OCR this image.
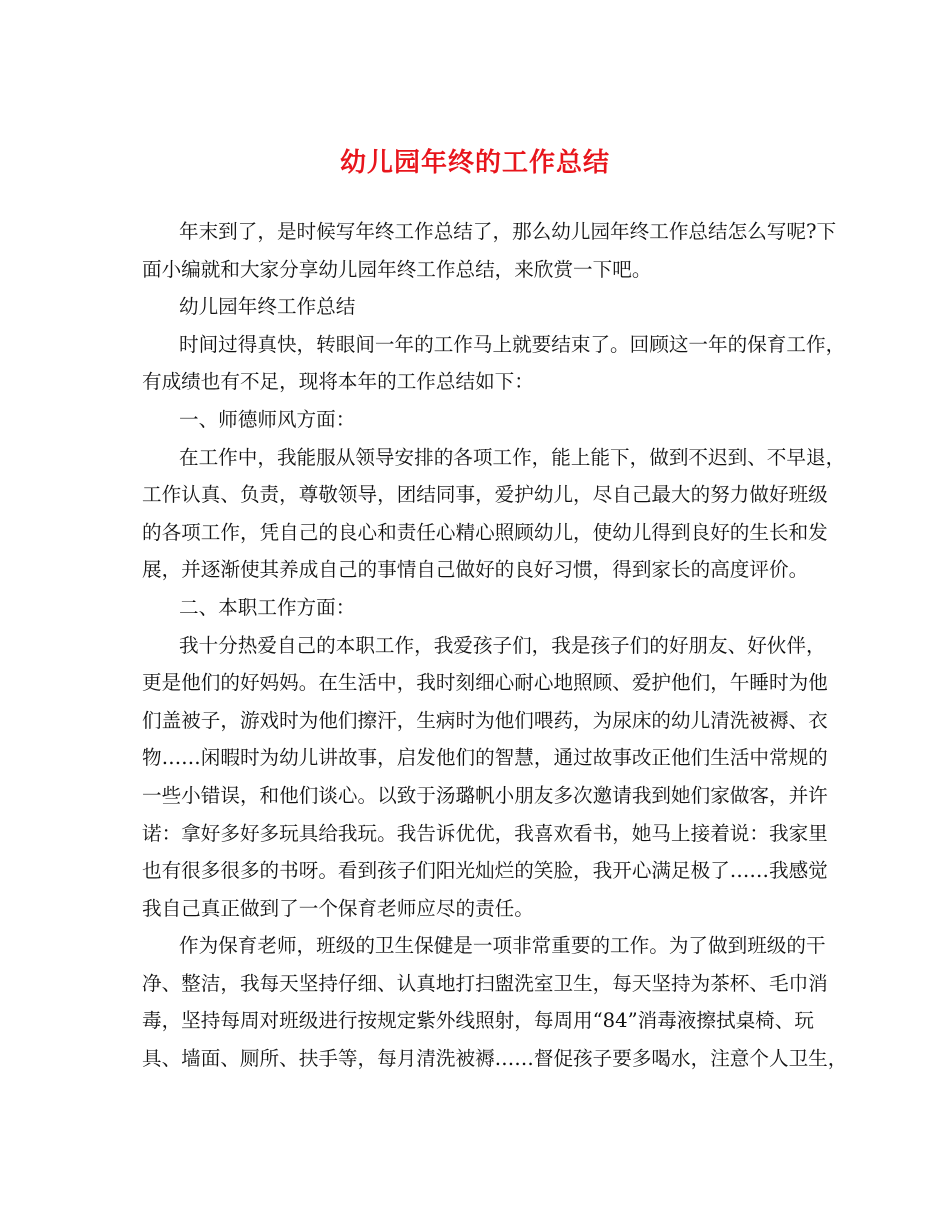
幼儿园年终的工作总结
年末到了，是时候写年终工作总结了，那么幼儿园年终工作总结怎么写呢?下
面小编就和大家分享幼儿园年终工作总结，来欣赏一下吧。
幼儿园年终工作总结
时间过得真快，转眼间一年的工作马上就要结束了。回顾这一年的保育工作，
有成绩也有不足，现将本年的工作总结如下：
一、师德师风方面：
在工作中，我能服从领导安排的各项工作，能上能下，做到不迟到、不早退，
工作认真、负责，尊敬领导，团结同事，爱护幼儿，尽自己最大的努力做好班级
的各项工作，凭自己的良心和责任心精心照顾幼儿，使幼儿得到良好的生长和发
展，并逐渐使其养成自己的事情自己做好的良好习惯，得到家长的高度评价。
二、本职工作方面：
我十分热爱自己的本职工作，我爱孩子们，我是孩子们的好朋友、好伙伴，
更是他们的好妈妈。在生活中，我时刻细心耐心地照顾、爱护他们，午睡时为他
们盖被子，游戏时为他们擦汗，生病时为他们喂药，为尿床的幼儿清洗被褥、衣
物……闲暇时为幼儿讲故事，启发他们的智慧，通过故事改正他们生活中常规的
一些小错误，和他们谈心。以致于汤璐帆小朋友多次邀请我到她们家做客，并许
诺：拿好多好多玩具给我玩。我告诉优优，我喜欢看书，她马上接着说：我家里
也有很多很多的书呀。看到孩子们阳光灿烂的笑脸，我开心满足极了……我感觉
我自己真正做到了一个保育老师应尽的责任。
作为保育老师，班级的卫生保健是一项非常重要的工作。为了做到班级的干
净、整洁，我每天坚持仔细、认真地打扫盥洗室卫生，每天坚持为茶杯、毛巾消
毒，坚持每周对班级进行按规定紫外线照射，每周用“84”消毒液擦拭桌椅、玩
具、墙面、厕所、扶手等，每月清洗被褥……督促孩子要多喝水，注意个人卫生，
